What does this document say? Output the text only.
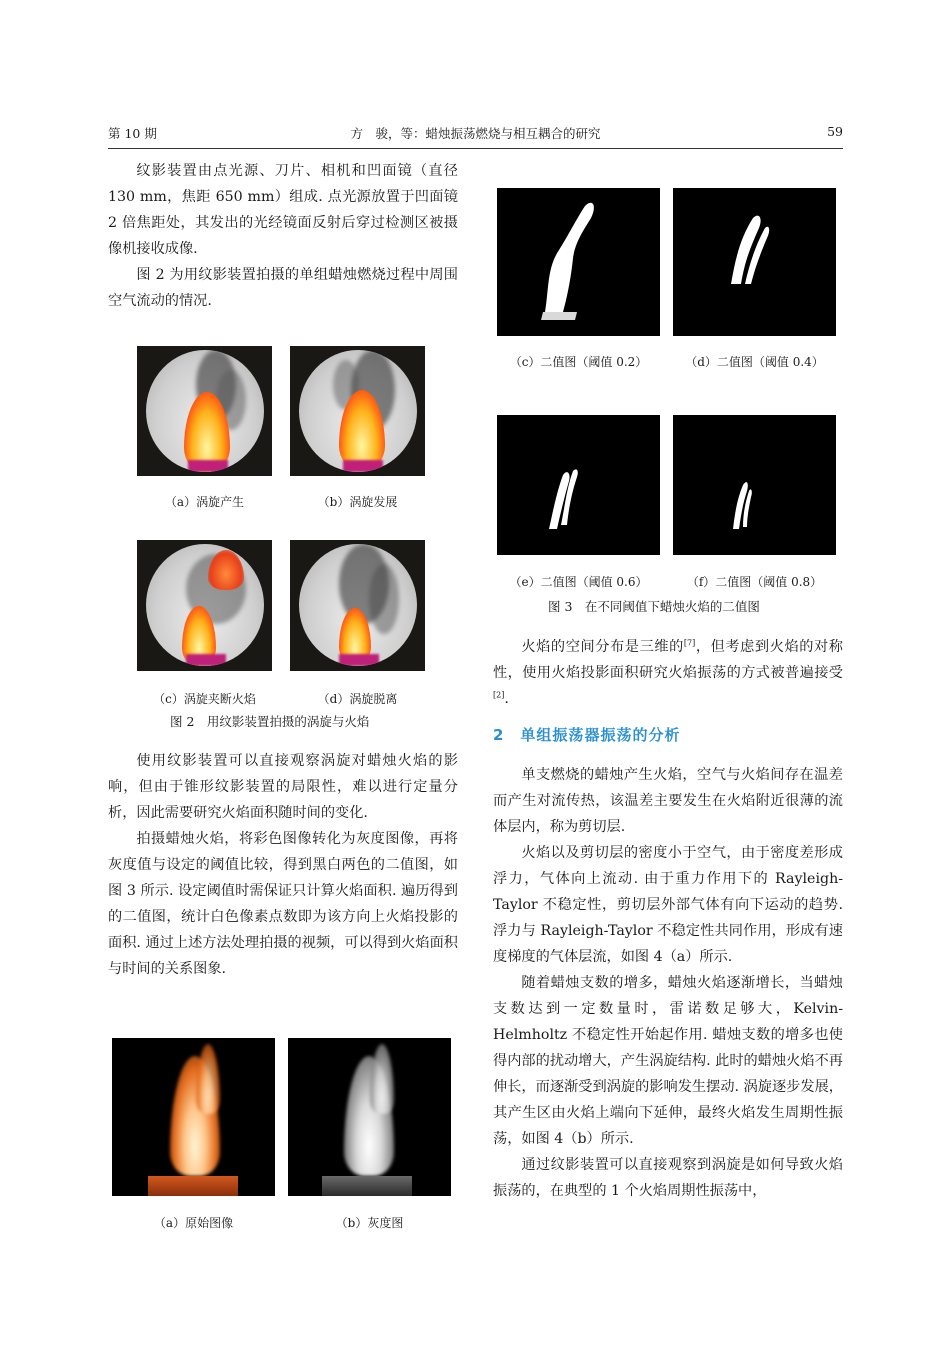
第 10 期	方　骏，等：蜡烛振荡燃烧与相互耦合的研究	59

纹影装置由点光源、刀片、相机和凹面镜（直径 130 mm，焦距 650 mm）组成. 点光源放置于凹面镜 2 倍焦距处，其发出的光经镜面反射后穿过检测区被摄像机接收成像.

图 2 为用纹影装置拍摄的单组蜡烛燃烧过程中周围空气流动的情况.

（a）涡旋产生	（b）涡旋发展
（c）涡旋夹断火焰	（d）涡旋脱离
图 2　用纹影装置拍摄的涡旋与火焰

使用纹影装置可以直接观察涡旋对蜡烛火焰的影响，但由于锥形纹影装置的局限性，难以进行定量分析，因此需要研究火焰面积随时间的变化.

拍摄蜡烛火焰，将彩色图像转化为灰度图像，再将灰度值与设定的阈值比较，得到黑白两色的二值图，如图 3 所示. 设定阈值时需保证只计算火焰面积. 遍历得到的二值图，统计白色像素点数即为该方向上火焰投影的面积. 通过上述方法处理拍摄的视频，可以得到火焰面积与时间的关系图象.

（a）原始图像	（b）灰度图
（c）二值图（阈值 0.2）	（d）二值图（阈值 0.4）
（e）二值图（阈值 0.6）	（f）二值图（阈值 0.8）
图 3　在不同阈值下蜡烛火焰的二值图

火焰的空间分布是三维的[7]，但考虑到火焰的对称性，使用火焰投影面积研究火焰振荡的方式被普遍接受[2].

2　单组振荡器振荡的分析

单支燃烧的蜡烛产生火焰，空气与火焰间存在温差而产生对流传热，该温差主要发生在火焰附近很薄的流体层内，称为剪切层.

火焰以及剪切层的密度小于空气，由于密度差形成浮力，气体向上流动. 由于重力作用下的 Rayleigh-Taylor 不稳定性，剪切层外部气体有向下运动的趋势. 浮力与 Rayleigh-Taylor 不稳定性共同作用，形成有速度梯度的气体层流，如图 4（a）所示.

随着蜡烛支数的增多，蜡烛火焰逐渐增长，当蜡烛支数达到一定数量时，雷诺数足够大，Kelvin-Helmholtz 不稳定性开始起作用. 蜡烛支数的增多也使得内部的扰动增大，产生涡旋结构. 此时的蜡烛火焰不再伸长，而逐渐受到涡旋的影响发生摆动. 涡旋逐步发展，其产生区由火焰上端向下延伸，最终火焰发生周期性振荡，如图 4（b）所示.

通过纹影装置可以直接观察到涡旋是如何导致火焰振荡的，在典型的 1 个火焰周期性振荡中，
